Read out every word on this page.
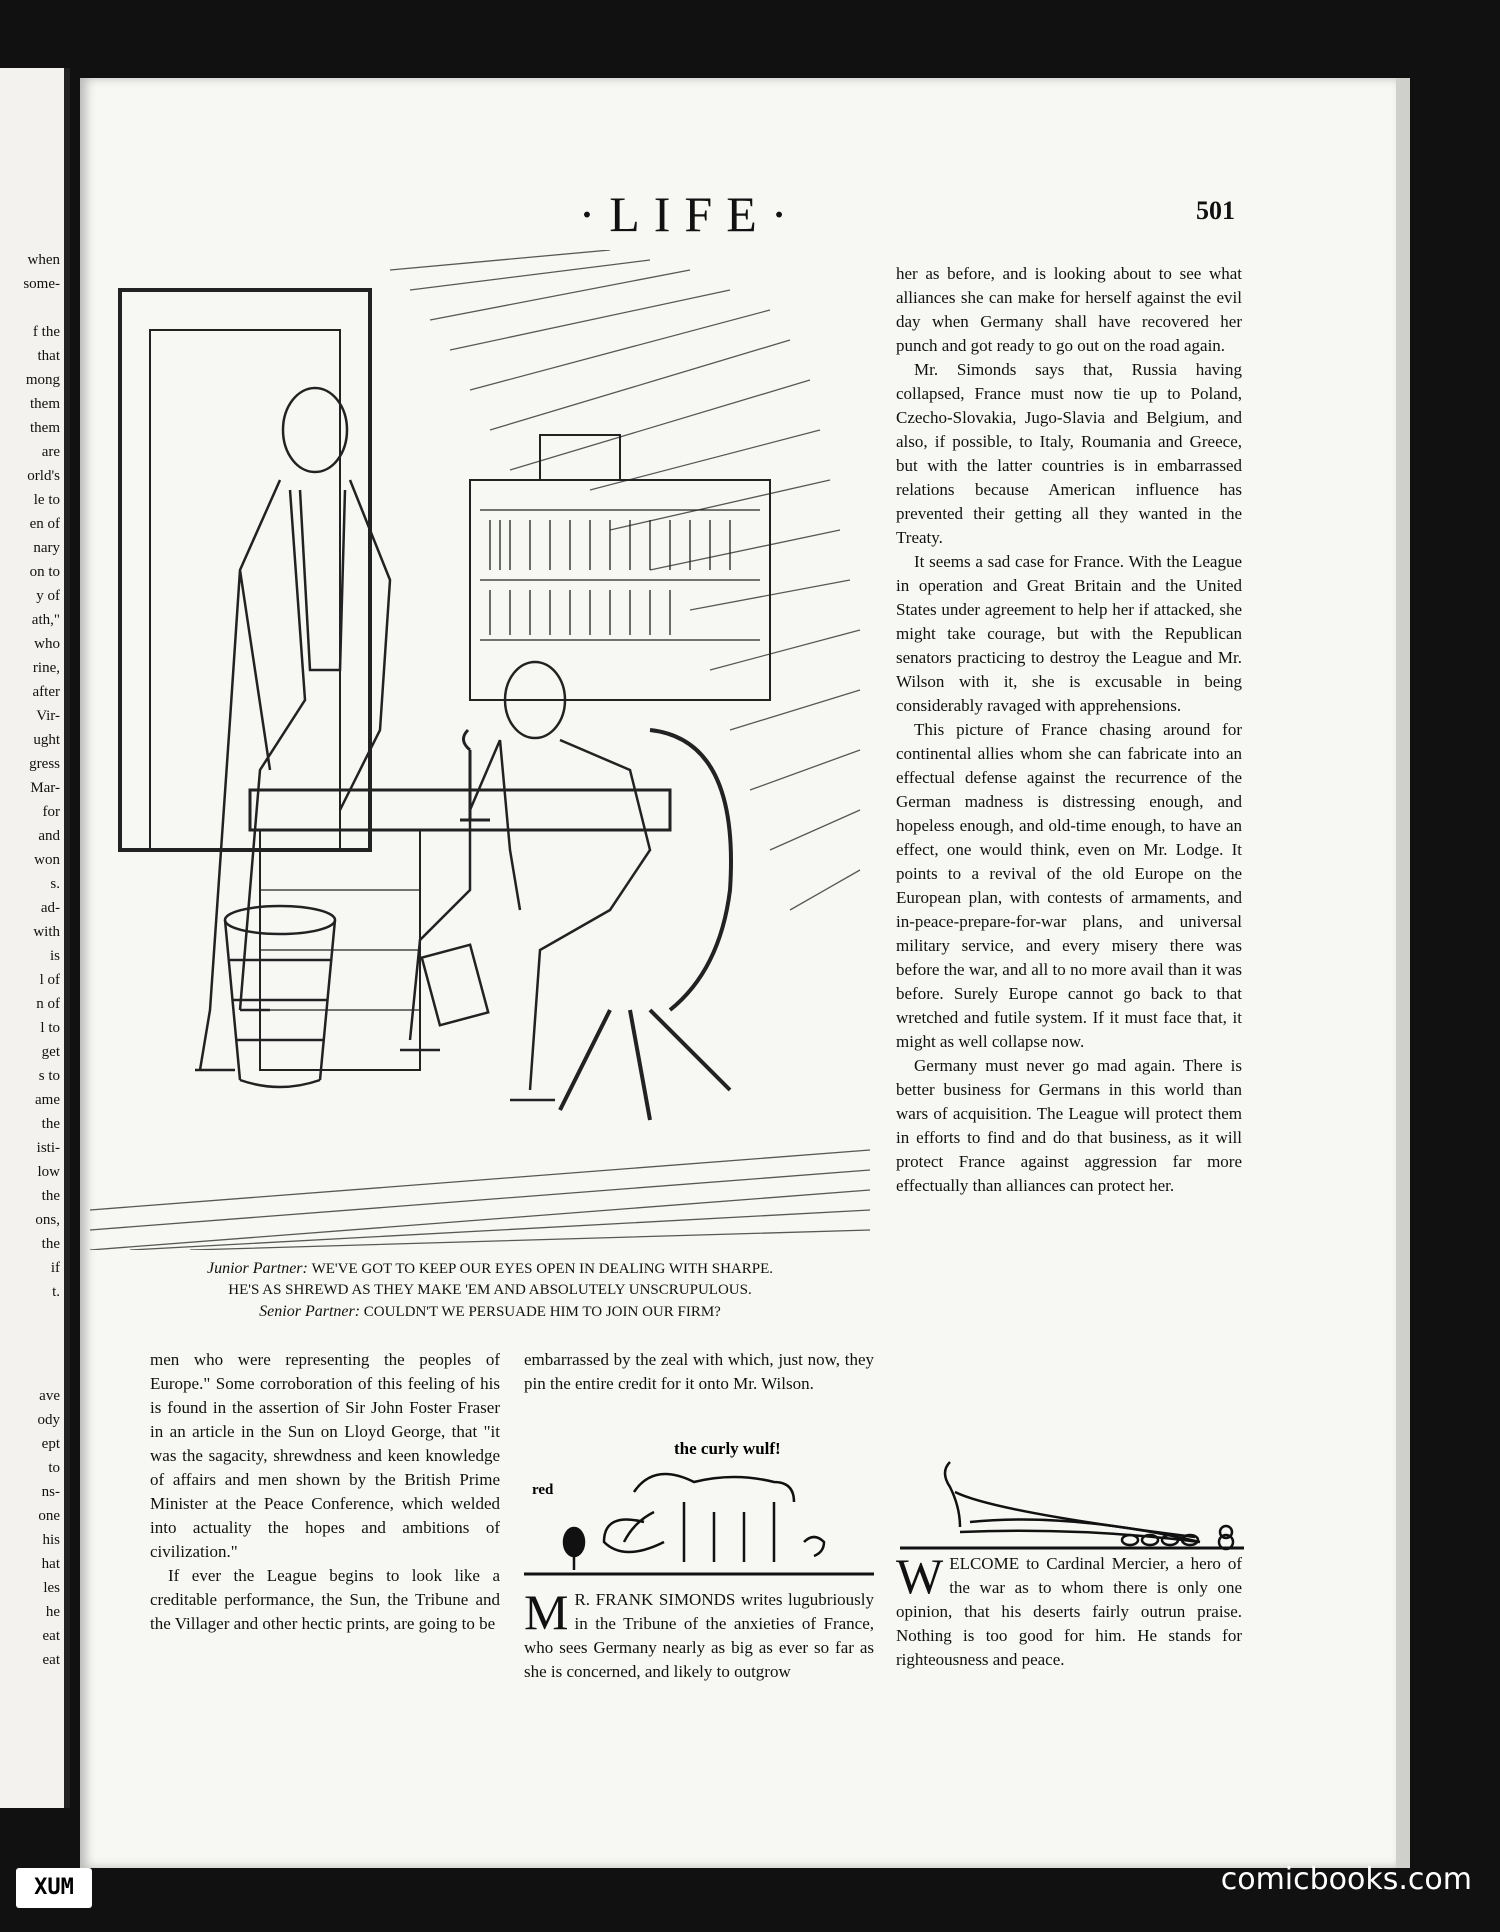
when
some-
f the
that
mong
them
them
are
orld's
le to
en of
nary
on to
y of
ath,"
who
rine,
after
Vir-
ught
gress
Mar-
for
and
won
s.
ad-
with
is
l of
n of
l to
get
s to
ame
the
isti-
low
the
ons,
the
if
t.
ave
ody
ept
to
ns-
one
his
hat
les
he
eat
eat
·LIFE·	501
Junior Partner: WE'VE GOT TO KEEP OUR EYES OPEN IN DEALING WITH SHARPE.
HE'S AS SHREWD AS THEY MAKE 'EM AND ABSOLUTELY UNSCRUPULOUS.
Senior Partner: COULDN'T WE PERSUADE HIM TO JOIN OUR FIRM?

men who were representing the peoples of Europe." Some corroboration of this feeling of his is found in the assertion of Sir John Foster Fraser in an article in the Sun on Lloyd George, that "it was the sagacity, shrewdness and keen knowledge of affairs and men shown by the British Prime Minister at the Peace Conference, which welded into actuality the hopes and ambitions of civilization."

If ever the League begins to look like a creditable performance, the Sun, the Tribune and the Villager and other hectic prints, are going to be

embarrassed by the zeal with which, just now, they pin the entire credit for it onto Mr. Wilson.

the curly wulf!
red

M R. FRANK SIMONDS writes lugubriously in the Tribune of the anxieties of France, who sees Germany nearly as big as ever so far as she is concerned, and likely to outgrow

her as before, and is looking about to see what alliances she can make for herself against the evil day when Germany shall have recovered her punch and got ready to go out on the road again.

Mr. Simonds says that, Russia having collapsed, France must now tie up to Poland, Czecho-Slovakia, Jugo-Slavia and Belgium, and also, if possible, to Italy, Roumania and Greece, but with the latter countries is in embarrassed relations because American influence has prevented their getting all they wanted in the Treaty.

It seems a sad case for France. With the League in operation and Great Britain and the United States under agreement to help her if attacked, she might take courage, but with the Republican senators practicing to destroy the League and Mr. Wilson with it, she is excusable in being considerably ravaged with apprehensions.

This picture of France chasing around for continental allies whom she can fabricate into an effectual defense against the recurrence of the German madness is distressing enough, and hopeless enough, and old-time enough, to have an effect, one would think, even on Mr. Lodge. It points to a revival of the old Europe on the European plan, with contests of armaments, and in-peace-prepare-for-war plans, and universal military service, and every misery there was before the war, and all to no more avail than it was before. Surely Europe cannot go back to that wretched and futile system. If it must face that, it might as well collapse now.

Germany must never go mad again. There is better business for Germans in this world than wars of acquisition. The League will protect them in efforts to find and do that business, as it will protect France against aggression far more effectually than alliances can protect her.

WELCOME to Cardinal Mercier, a hero of the war as to whom there is only one opinion, that his deserts fairly outrun praise. Nothing is too good for him. He stands for righteousness and peace.

XUM	comicbooks.com
